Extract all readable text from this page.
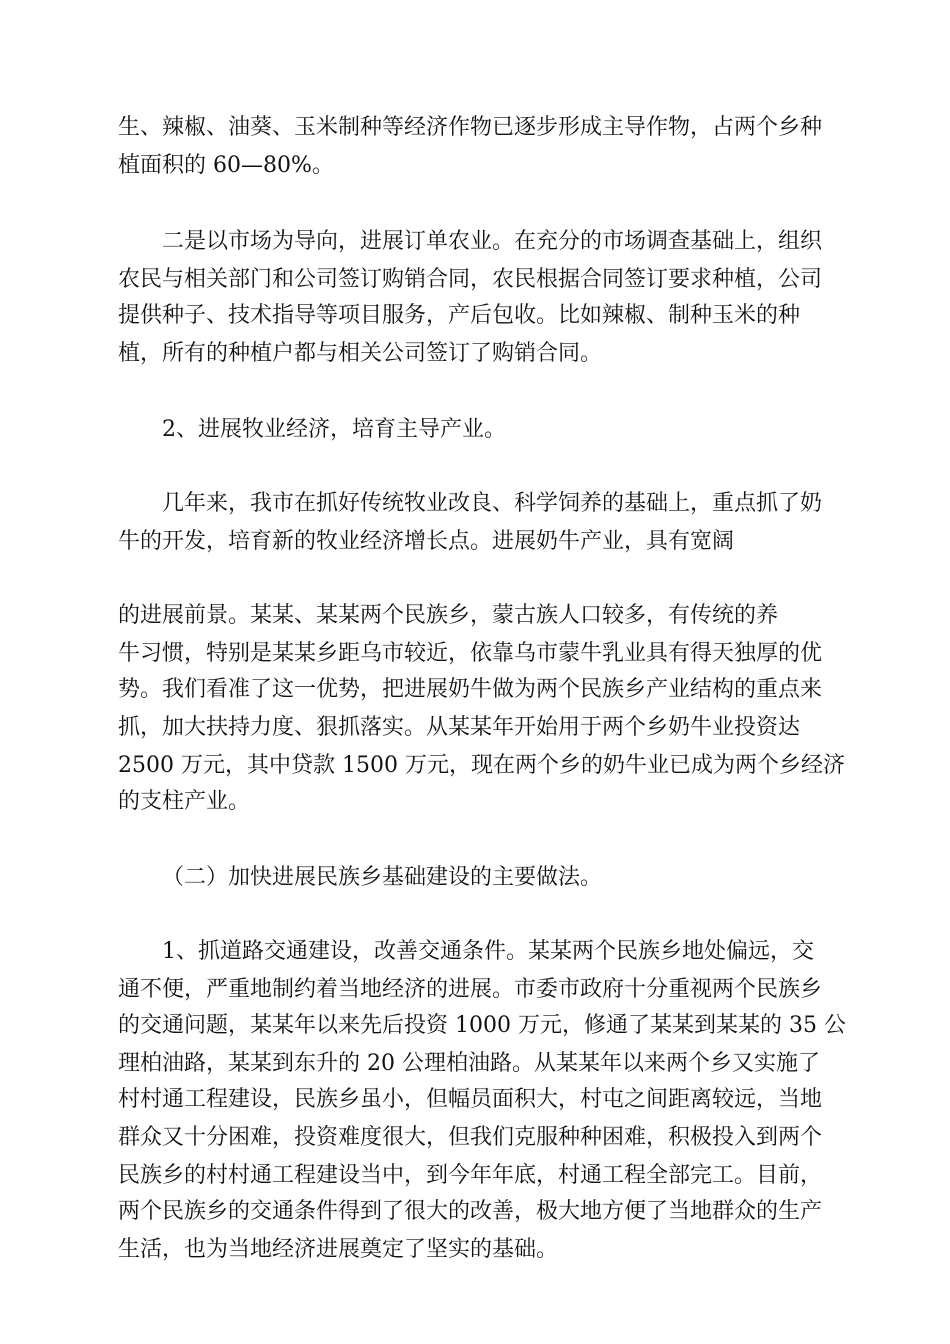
生、辣椒、油葵、玉米制种等经济作物已逐步形成主导作物，占两个乡种
植面积的 60—80%。
二是以市场为导向，进展订单农业。在充分的市场调查基础上，组织
农民与相关部门和公司签订购销合同，农民根据合同签订要求种植，公司
提供种子、技术指导等项目服务，产后包收。比如辣椒、制种玉米的种
植，所有的种植户都与相关公司签订了购销合同。
2、进展牧业经济，培育主导产业。
几年来，我市在抓好传统牧业改良、科学饲养的基础上，重点抓了奶
牛的开发，培育新的牧业经济增长点。进展奶牛产业，具有宽阔
的进展前景。某某、某某两个民族乡，蒙古族人口较多，有传统的养
牛习惯，特别是某某乡距乌市较近，依靠乌市蒙牛乳业具有得天独厚的优
势。我们看准了这一优势，把进展奶牛做为两个民族乡产业结构的重点来
抓，加大扶持力度、狠抓落实。从某某年开始用于两个乡奶牛业投资达
2500 万元，其中贷款 1500 万元，现在两个乡的奶牛业已成为两个乡经济
的支柱产业。
（二）加快进展民族乡基础建设的主要做法。
1、抓道路交通建设，改善交通条件。某某两个民族乡地处偏远，交
通不便，严重地制约着当地经济的进展。市委市政府十分重视两个民族乡
的交通问题，某某年以来先后投资 1000 万元，修通了某某到某某的 35 公
理柏油路，某某到东升的 20 公理柏油路。从某某年以来两个乡又实施了
村村通工程建设，民族乡虽小，但幅员面积大，村屯之间距离较远，当地
群众又十分困难，投资难度很大，但我们克服种种困难，积极投入到两个
民族乡的村村通工程建设当中，到今年年底，村通工程全部完工。目前，
两个民族乡的交通条件得到了很大的改善，极大地方便了当地群众的生产
生活，也为当地经济进展奠定了坚实的基础。
